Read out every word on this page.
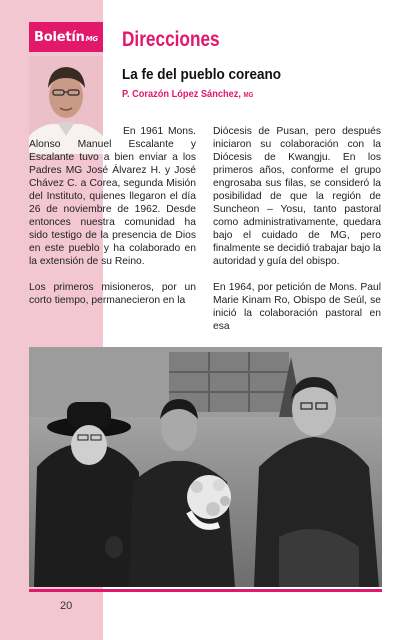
Boletín MG Direcciones
La fe del pueblo coreano
P. Corazón López Sánchez, MG

En 1961 Mons. Alonso Manuel Escalante y Escalante tuvo a bien enviar a los Padres MG José Álvarez H. y José Chávez C. a Corea, segunda Misión del Instituto, quienes llegaron el día 26 de noviembre de 1962. Desde entonces nuestra comunidad ha sido testigo de la presencia de Dios en este pueblo y ha colaborado en la extensión de su Reino.

Los primeros misioneros, por un corto tiempo, permanecieron en la

Diócesis de Pusan, pero después iniciaron su colaboración con la Diócesis de Kwangju. En los primeros años, conforme el grupo engrosaba sus filas, se consideró la posibilidad de que la región de Suncheon – Yosu, tanto pastoral como administrativamente, quedara bajo el cuidado de MG, pero finalmente se decidió trabajar bajo la autoridad y guía del obispo.

En 1964, por petición de Mons. Paul Marie Kinam Ro, Obispo de Seúl, se inició la colaboración pastoral en esa

20
